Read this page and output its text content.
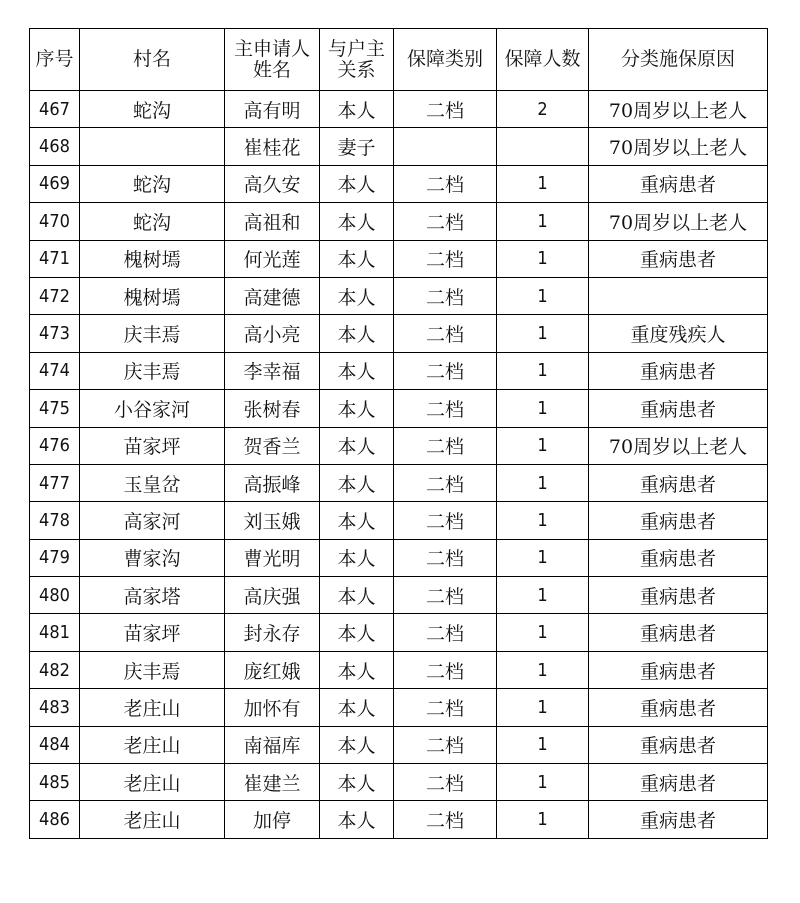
序号	村名	主申请人姓名	与户主关系	保障类别	保障人数	分类施保原因
467	蛇沟	高有明	本人	二档	2	70周岁以上老人
468		崔桂花	妻子			70周岁以上老人
469	蛇沟	高久安	本人	二档	1	重病患者
470	蛇沟	高祖和	本人	二档	1	70周岁以上老人
471	槐树墕	何光莲	本人	二档	1	重病患者
472	槐树墕	高建德	本人	二档	1	
473	庆丰焉	高小亮	本人	二档	1	重度残疾人
474	庆丰焉	李幸福	本人	二档	1	重病患者
475	小谷家河	张树春	本人	二档	1	重病患者
476	苗家坪	贺香兰	本人	二档	1	70周岁以上老人
477	玉皇岔	高振峰	本人	二档	1	重病患者
478	高家河	刘玉娥	本人	二档	1	重病患者
479	曹家沟	曹光明	本人	二档	1	重病患者
480	高家塔	高庆强	本人	二档	1	重病患者
481	苗家坪	封永存	本人	二档	1	重病患者
482	庆丰焉	庞红娥	本人	二档	1	重病患者
483	老庄山	加怀有	本人	二档	1	重病患者
484	老庄山	南福库	本人	二档	1	重病患者
485	老庄山	崔建兰	本人	二档	1	重病患者
486	老庄山	加停	本人	二档	1	重病患者
